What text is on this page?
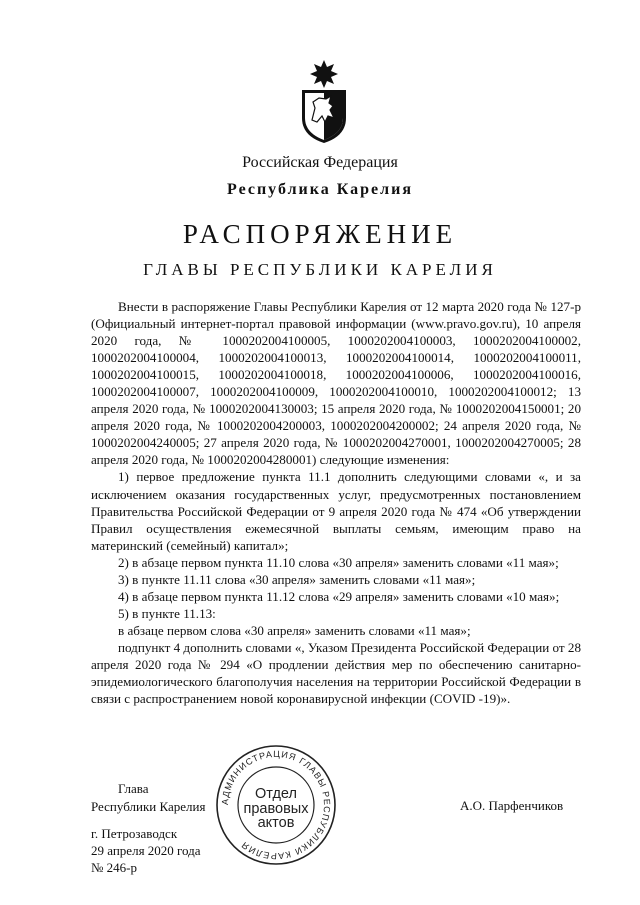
Российская Федерация
Республика Карелия
РАСПОРЯЖЕНИЕ
ГЛАВЫ РЕСПУБЛИКИ КАРЕЛИЯ

Внести в распоряжение Главы Республики Карелия от 12 марта 2020 года № 127-р (Официальный интернет-портал правовой информации (www.pravo.gov.ru), 10 апреля 2020 года, № 1000202004100005, 1000202004100003, 1000202004100002, 1000202004100004, 1000202004100013, 1000202004100014, 1000202004100011, 1000202004100015, 1000202004100018, 1000202004100006, 1000202004100016, 1000202004100007, 1000202004100009, 1000202004100010, 1000202004100012; 13 апреля 2020 года, № 1000202004130003; 15 апреля 2020 года, № 1000202004150001; 20 апреля 2020 года, № 1000202004200003, 1000202004200002; 24 апреля 2020 года, № 1000202004240005; 27 апреля 2020 года, № 1000202004270001, 1000202004270005; 28 апреля 2020 года, № 1000202004280001) следующие изменения:

1) первое предложение пункта 11.1 дополнить следующими словами «, и за исключением оказания государственных услуг, предусмотренных постановлением Правительства Российской Федерации от 9 апреля 2020 года № 474 «Об утверждении Правил осуществления ежемесячной выплаты семьям, имеющим право на материнский (семейный) капитал»;

2) в абзаце первом пункта 11.10 слова «30 апреля» заменить словами «11 мая»;

3) в пункте 11.11 слова «30 апреля» заменить словами «11 мая»;

4) в абзаце первом пункта 11.12 слова «29 апреля» заменить словами «10 мая»;

5) в пункте 11.13:

в абзаце первом слова «30 апреля» заменить словами «11 мая»;

подпункт 4 дополнить словами «, Указом Президента Российской Федерации от 28 апреля 2020 года № 294 «О продлении действия мер по обеспечению санитарно-эпидемиологического благополучия населения на территории Российской Федерации в связи с распространением новой коронавирусной инфекции (COVID -19)».

Глава
Республики Карелия	А.О. Парфенчиков
г. Петрозаводск
29 апреля 2020 года
№ 246-р
АДМИНИСТРАЦИЯ ГЛАВЫ РЕСПУБЛИКИ КАРЕЛИЯ
Отдел
правовых
актов
